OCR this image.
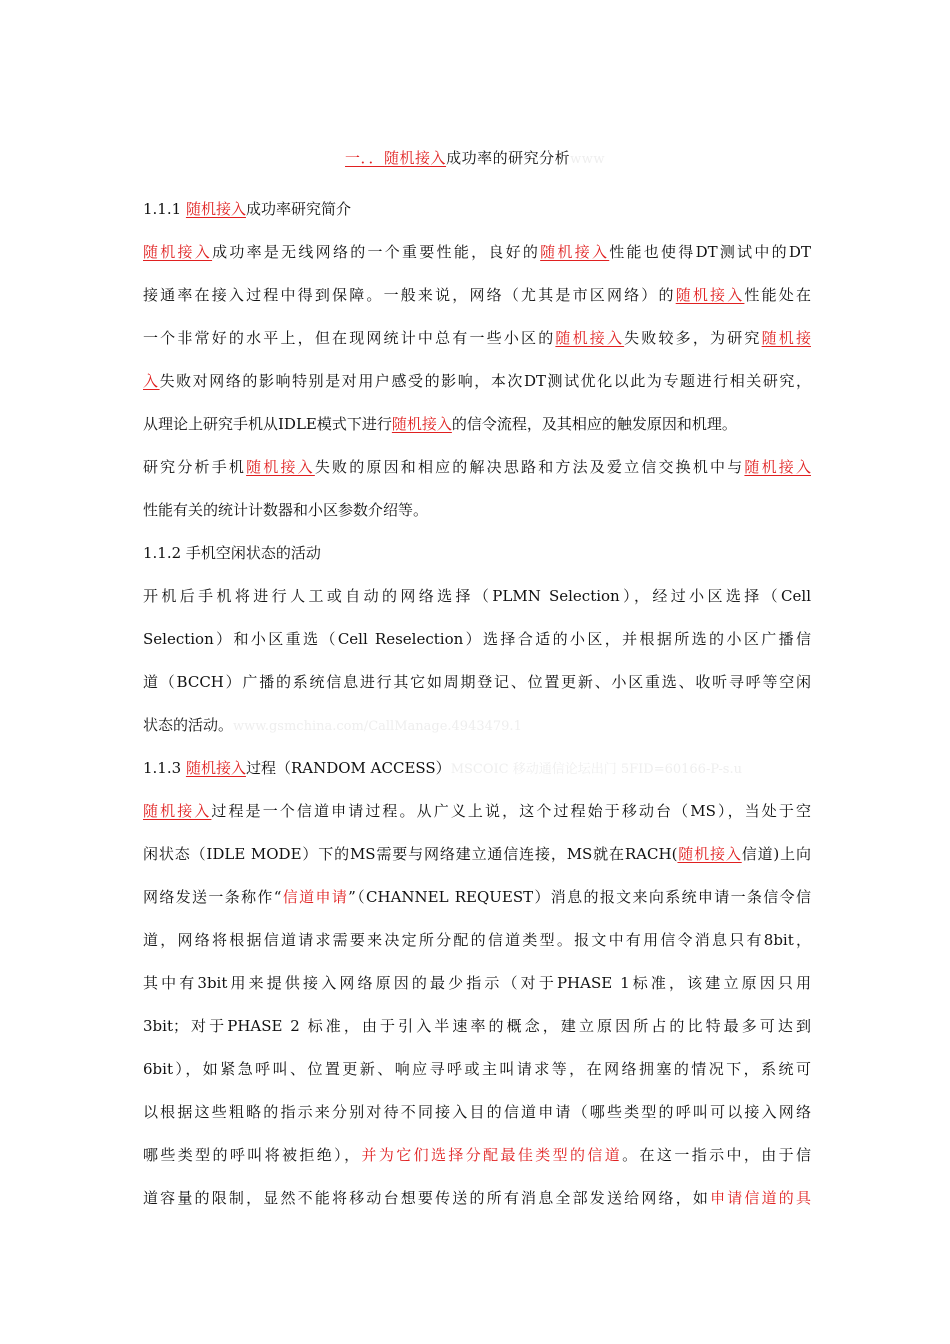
一．．随机接入成功率的研究分析www
1.1.1 随机接入成功率研究简介
随机接入成功率是无线网络的一个重要性能，良好的随机接入性能也使得DT测试中的DT
接通率在接入过程中得到保障。一般来说，网络（尤其是市区网络）的随机接入性能处在
一个非常好的水平上，但在现网统计中总有一些小区的随机接入失败较多，为研究随机接
入失败对网络的影响特别是对用户感受的影响，本次DT测试优化以此为专题进行相关研究，
从理论上研究手机从IDLE模式下进行随机接入的信令流程，及其相应的触发原因和机理。
研究分析手机随机接入失败的原因和相应的解决思路和方法及爱立信交换机中与随机接入
性能有关的统计计数器和小区参数介绍等。
1.1.2 手机空闲状态的活动
开机后手机将进行人工或自动的网络选择（PLMN Selection），经过小区选择（Cell
Selection）和小区重选（Cell Reselection）选择合适的小区，并根据所选的小区广播信
道（BCCH）广播的系统信息进行其它如周期登记、位置更新、小区重选、收听寻呼等空闲
状态的活动。www.gsmchina.com/CallManage.4943479.1
1.1.3 随机接入过程（RANDOM ACCESS）MSCOIC 移动通信论坛出门 5FID=60166-P-s.u
随机接入过程是一个信道申请过程。从广义上说，这个过程始于移动台（MS），当处于空
闲状态（IDLE MODE）下的MS需要与网络建立通信连接，MS就在RACH(随机接入信道)上向
网络发送一条称作“信道申请”（CHANNEL REQUEST）消息的报文来向系统申请一条信令信
道，网络将根据信道请求需要来决定所分配的信道类型。报文中有用信令消息只有8bit，
其中有3bit用来提供接入网络原因的最少指示（对于PHASE 1标准，该建立原因只用
3bit；对于PHASE 2 标准，由于引入半速率的概念，建立原因所占的比特最多可达到
6bit），如紧急呼叫、位置更新、响应寻呼或主叫请求等，在网络拥塞的情况下，系统可
以根据这些粗略的指示来分别对待不同接入目的信道申请（哪些类型的呼叫可以接入网络
哪些类型的呼叫将被拒绝），并为它们选择分配最佳类型的信道。在这一指示中，由于信
道容量的限制，显然不能将移动台想要传送的所有消息全部发送给网络，如申请信道的具
